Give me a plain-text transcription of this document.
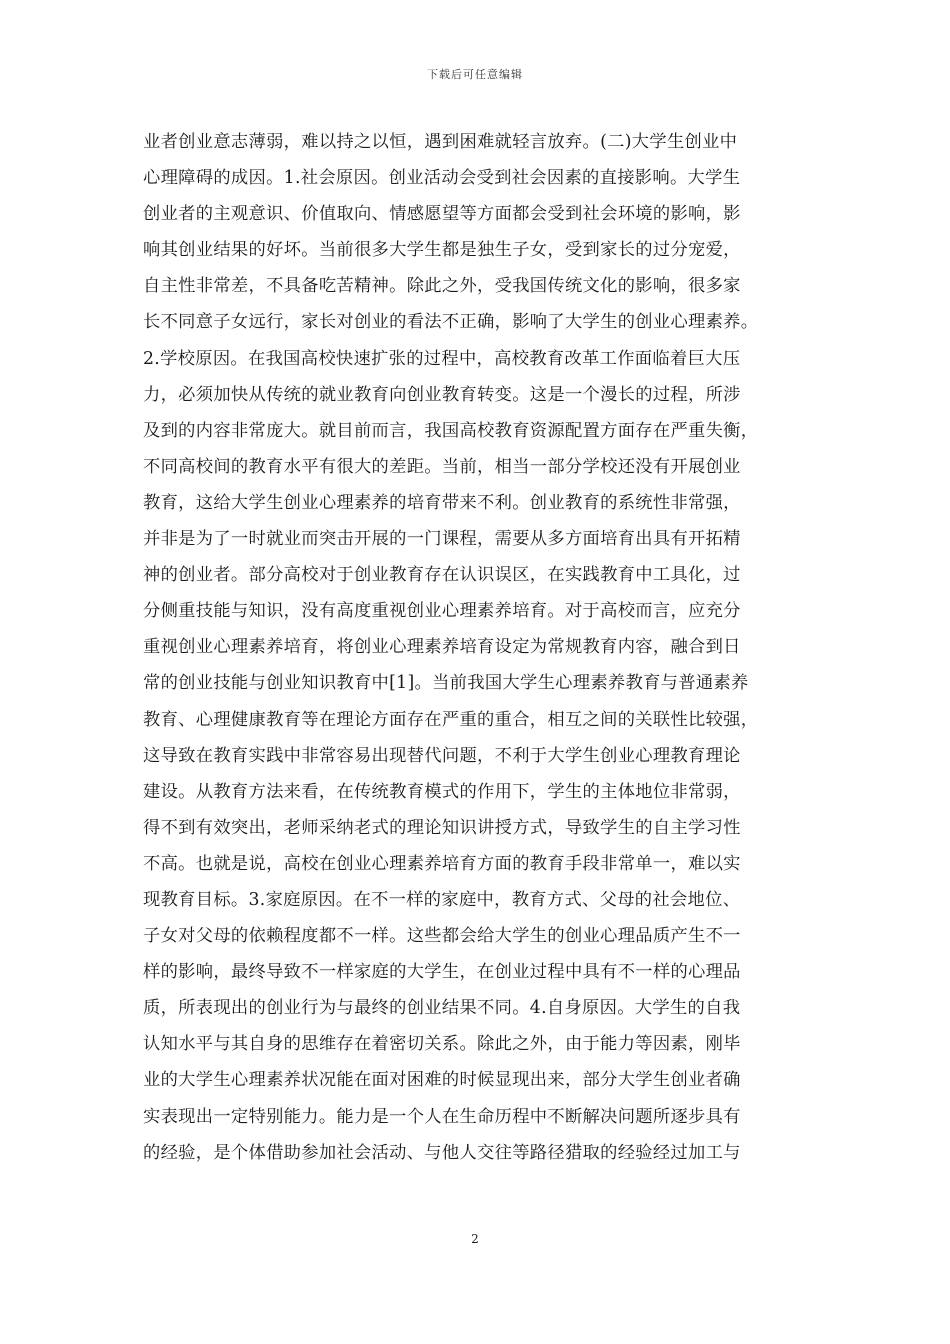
下载后可任意编辑
业者创业意志薄弱，难以持之以恒，遇到困难就轻言放弃。(二)大学生创业中
心理障碍的成因。1.社会原因。创业活动会受到社会因素的直接影响。大学生
创业者的主观意识、价值取向、情感愿望等方面都会受到社会环境的影响，影
响其创业结果的好坏。当前很多大学生都是独生子女，受到家长的过分宠爱，
自主性非常差，不具备吃苦精神。除此之外，受我国传统文化的影响，很多家
长不同意子女远行，家长对创业的看法不正确，影响了大学生的创业心理素养。
2.学校原因。在我国高校快速扩张的过程中，高校教育改革工作面临着巨大压
力，必须加快从传统的就业教育向创业教育转变。这是一个漫长的过程，所涉
及到的内容非常庞大。就目前而言，我国高校教育资源配置方面存在严重失衡，
不同高校间的教育水平有很大的差距。当前，相当一部分学校还没有开展创业
教育，这给大学生创业心理素养的培育带来不利。创业教育的系统性非常强，
并非是为了一时就业而突击开展的一门课程，需要从多方面培育出具有开拓精
神的创业者。部分高校对于创业教育存在认识误区，在实践教育中工具化，过
分侧重技能与知识，没有高度重视创业心理素养培育。对于高校而言，应充分
重视创业心理素养培育，将创业心理素养培育设定为常规教育内容，融合到日
常的创业技能与创业知识教育中[1]。当前我国大学生心理素养教育与普通素养
教育、心理健康教育等在理论方面存在严重的重合，相互之间的关联性比较强，
这导致在教育实践中非常容易出现替代问题，不利于大学生创业心理教育理论
建设。从教育方法来看，在传统教育模式的作用下，学生的主体地位非常弱，
得不到有效突出，老师采纳老式的理论知识讲授方式，导致学生的自主学习性
不高。也就是说，高校在创业心理素养培育方面的教育手段非常单一，难以实
现教育目标。3.家庭原因。在不一样的家庭中，教育方式、父母的社会地位、
子女对父母的依赖程度都不一样。这些都会给大学生的创业心理品质产生不一
样的影响，最终导致不一样家庭的大学生，在创业过程中具有不一样的心理品
质，所表现出的创业行为与最终的创业结果不同。4.自身原因。大学生的自我
认知水平与其自身的思维存在着密切关系。除此之外，由于能力等因素，刚毕
业的大学生心理素养状况能在面对困难的时候显现出来，部分大学生创业者确
实表现出一定特别能力。能力是一个人在生命历程中不断解决问题所逐步具有
的经验，是个体借助参加社会活动、与他人交往等路径猎取的经验经过加工与
2
